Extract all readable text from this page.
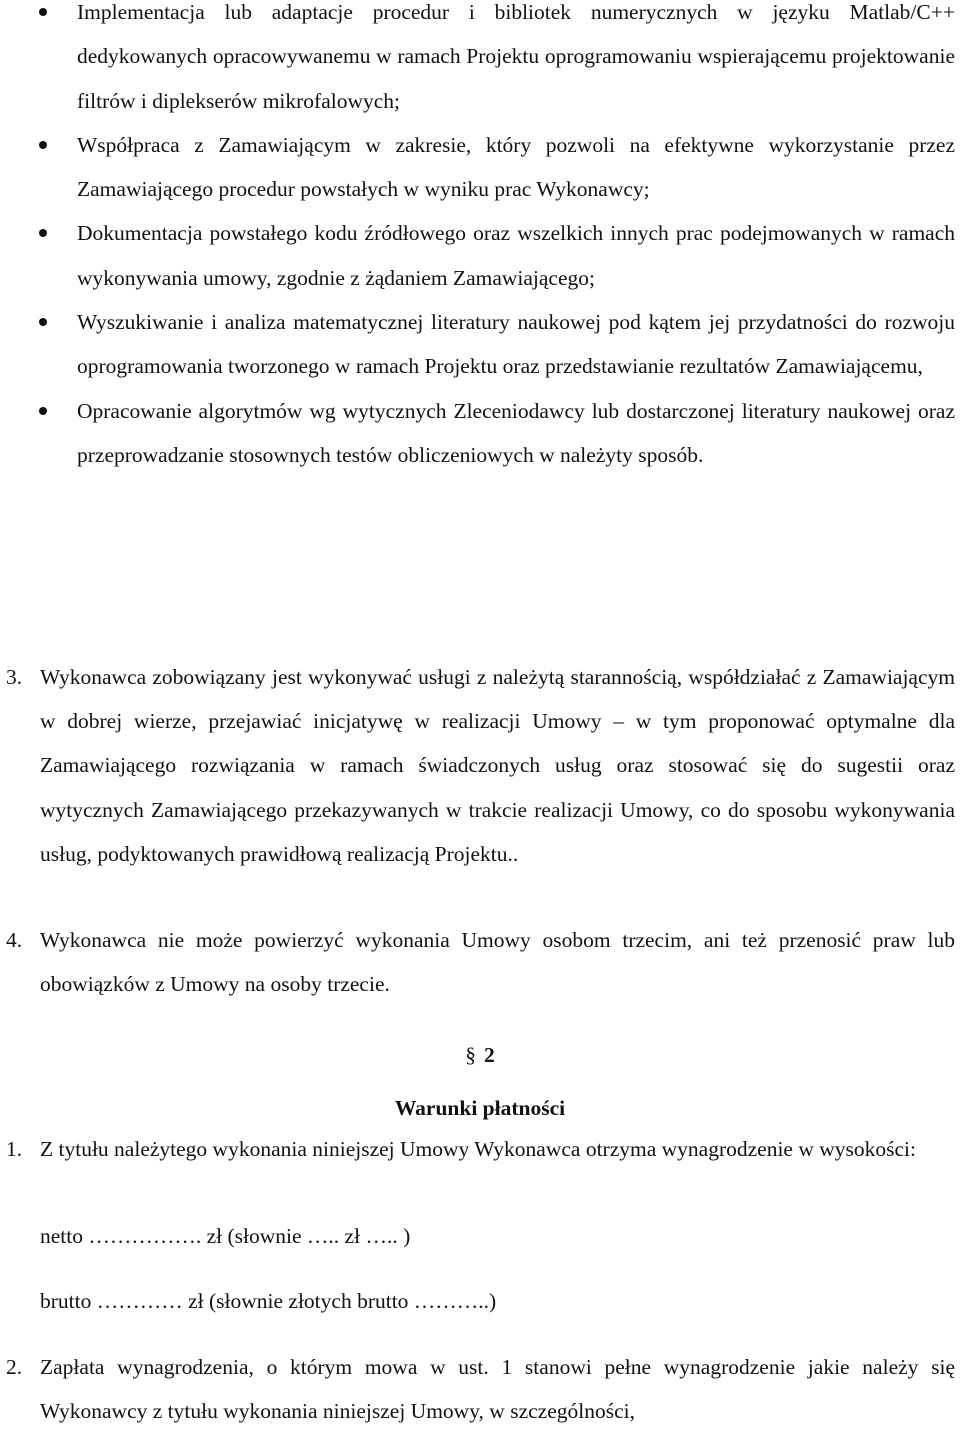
Implementacja lub adaptacje procedur i bibliotek numerycznych w języku Matlab/C++ dedykowanych opracowywanemu w ramach Projektu oprogramowaniu wspierającemu projektowanie filtrów i diplekserów mikrofalowych;
Współpraca z Zamawiającym w zakresie, który pozwoli na efektywne wykorzystanie przez Zamawiającego procedur powstałych w wyniku prac Wykonawcy;
Dokumentacja powstałego kodu źródłowego oraz wszelkich innych prac podejmowanych w ramach wykonywania umowy, zgodnie z żądaniem Zamawiającego;
Wyszukiwanie i analiza matematycznej literatury naukowej pod kątem jej przydatności do rozwoju oprogramowania tworzonego w ramach Projektu oraz przedstawianie rezultatów Zamawiającemu,
Opracowanie algorytmów wg wytycznych Zleceniodawcy lub dostarczonej literatury naukowej oraz przeprowadzanie stosownych testów obliczeniowych w należyty sposób.
3. Wykonawca zobowiązany jest wykonywać usługi z należytą starannością, współdziałać z Zamawiającym w dobrej wierze, przejawiać inicjatywę w realizacji Umowy – w tym proponować optymalne dla Zamawiającego rozwiązania w ramach świadczonych usług oraz stosować się do sugestii oraz wytycznych Zamawiającego przekazywanych w trakcie realizacji Umowy, co do sposobu wykonywania usług, podyktowanych prawidłową realizacją Projektu..
4. Wykonawca nie może powierzyć wykonania Umowy osobom trzecim, ani też przenosić praw lub obowiązków z Umowy na osoby trzecie.
§ 2
Warunki płatności
1. Z tytułu należytego wykonania niniejszej Umowy Wykonawca otrzyma wynagrodzenie w wysokości:
netto ……………. zł (słownie ….. zł ….. )
brutto ………… zł (słownie złotych brutto ………..)
2. Zapłata wynagrodzenia, o którym mowa w ust. 1 stanowi pełne wynagrodzenie jakie należy się Wykonawcy z tytułu wykonania niniejszej Umowy, w szczególności,
